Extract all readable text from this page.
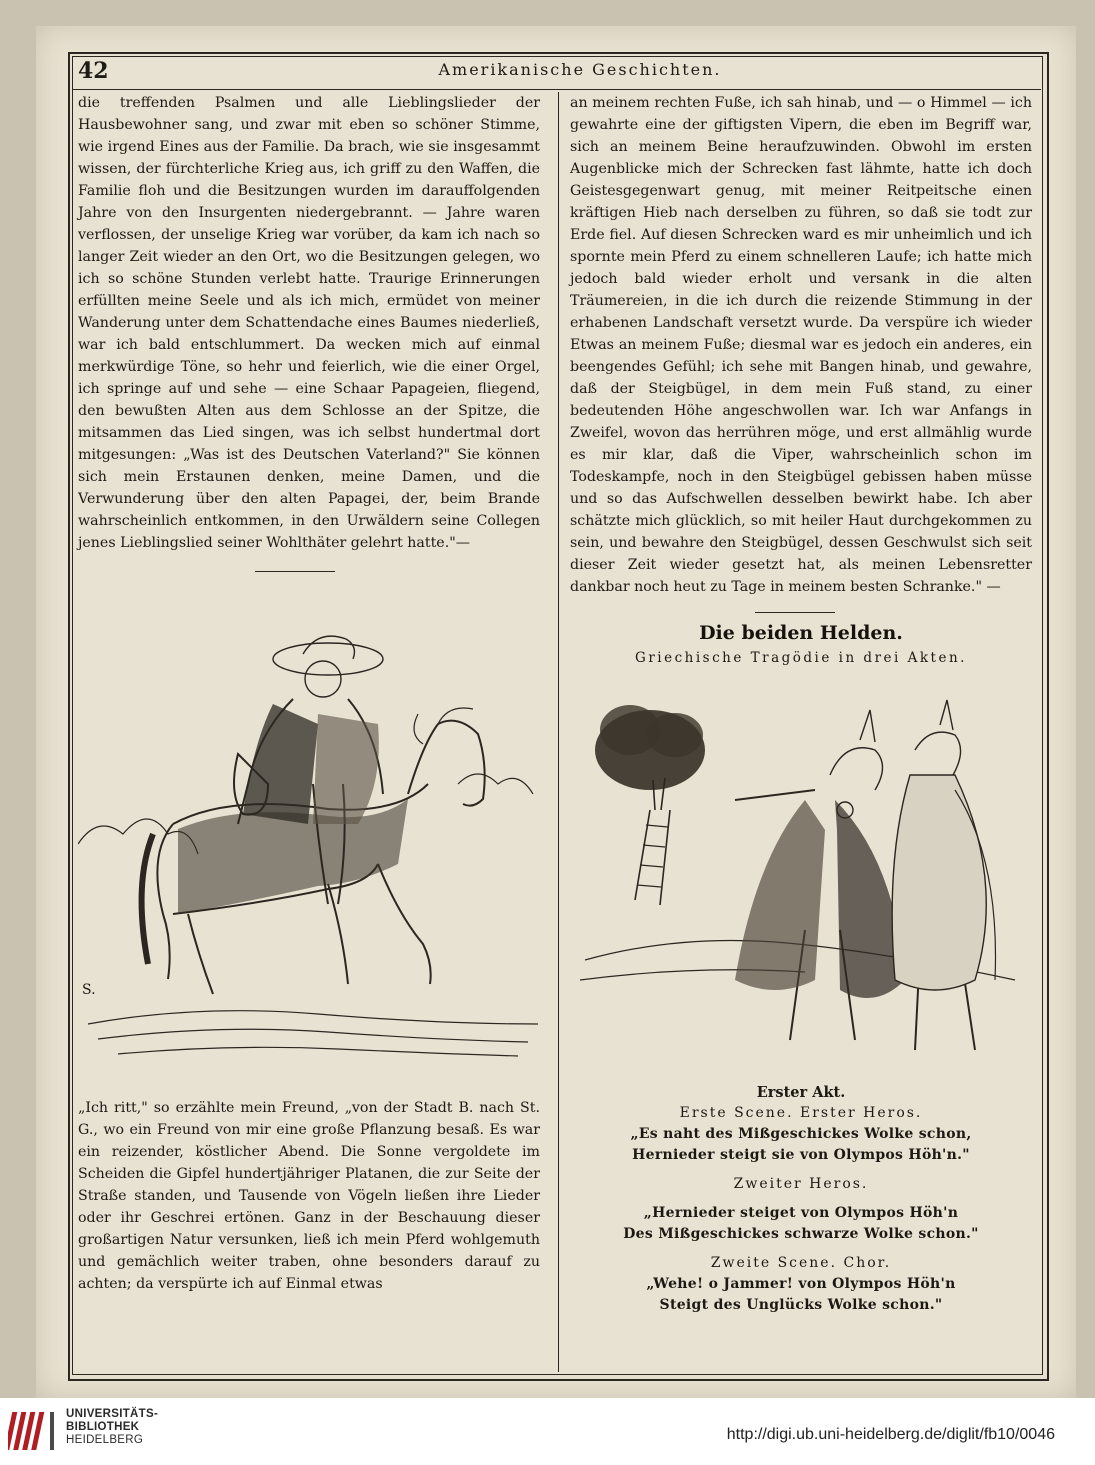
42	Amerikanische Geschichten.

die treffenden Psalmen und alle Lieblingslieder der Hausbewohner sang, und zwar mit eben so schöner Stimme, wie irgend Eines aus der Familie. Da brach, wie sie insgesammt wissen, der fürchterliche Krieg aus, ich griff zu den Waffen, die Familie floh und die Besitzungen wurden im darauffolgenden Jahre von den Insurgenten niedergebrannt. — Jahre waren verflossen, der unselige Krieg war vorüber, da kam ich nach so langer Zeit wieder an den Ort, wo die Besitzungen gelegen, wo ich so schöne Stunden verlebt hatte. Traurige Erinnerungen erfüllten meine Seele und als ich mich, ermüdet von meiner Wanderung unter dem Schattendache eines Baumes niederließ, war ich bald entschlummert. Da wecken mich auf einmal merkwürdige Töne, so hehr und feierlich, wie die einer Orgel, ich springe auf und sehe — eine Schaar Papageien, fliegend, den bewußten Alten aus dem Schlosse an der Spitze, die mitsammen das Lied singen, was ich selbst hundertmal dort mitgesungen: „Was ist des Deutschen Vaterland?" Sie können sich mein Erstaunen denken, meine Damen, und die Verwunderung über den alten Papagei, der, beim Brande wahrscheinlich entkommen, in den Urwäldern seine Collegen jenes Lieblingslied seiner Wohlthäter gelehrt hatte."—

S.

„Ich ritt," so erzählte mein Freund, „von der Stadt B. nach St. G., wo ein Freund von mir eine große Pflanzung besaß. Es war ein reizender, köstlicher Abend. Die Sonne vergoldete im Scheiden die Gipfel hundertjähriger Platanen, die zur Seite der Straße standen, und Tausende von Vögeln ließen ihre Lieder oder ihr Geschrei ertönen. Ganz in der Beschauung dieser großartigen Natur versunken, ließ ich mein Pferd wohlgemuth und gemächlich weiter traben, ohne besonders darauf zu achten; da verspürte ich auf Einmal etwas

an meinem rechten Fuße, ich sah hinab, und — o Himmel — ich gewahrte eine der giftigsten Vipern, die eben im Begriff war, sich an meinem Beine heraufzuwinden. Obwohl im ersten Augenblicke mich der Schrecken fast lähmte, hatte ich doch Geistesgegenwart genug, mit meiner Reitpeitsche einen kräftigen Hieb nach derselben zu führen, so daß sie todt zur Erde fiel. Auf diesen Schrecken ward es mir unheimlich und ich spornte mein Pferd zu einem schnelleren Laufe; ich hatte mich jedoch bald wieder erholt und versank in die alten Träumereien, in die ich durch die reizende Stimmung in der erhabenen Landschaft versetzt wurde. Da verspüre ich wieder Etwas an meinem Fuße; diesmal war es jedoch ein anderes, ein beengendes Gefühl; ich sehe mit Bangen hinab, und gewahre, daß der Steigbügel, in dem mein Fuß stand, zu einer bedeutenden Höhe angeschwollen war. Ich war Anfangs in Zweifel, wovon das herrühren möge, und erst allmählig wurde es mir klar, daß die Viper, wahrscheinlich schon im Todeskampfe, noch in den Steigbügel gebissen haben müsse und so das Aufschwellen desselben bewirkt habe. Ich aber schätzte mich glücklich, so mit heiler Haut durchgekommen zu sein, und bewahre den Steigbügel, dessen Geschwulst sich seit dieser Zeit wieder gesetzt hat, als meinen Lebensretter dankbar noch heut zu Tage in meinem besten Schranke." —

Die beiden Helden.
Griechische Tragödie in drei Akten.
Erster Akt.
Erste Scene. Erster Heros.
„Es naht des Mißgeschickes Wolke schon,
Hernieder steigt sie von Olympos Höh'n."
Zweiter Heros.
„Hernieder steiget von Olympos Höh'n
Des Mißgeschickes schwarze Wolke schon."
Zweite Scene. Chor.
„Wehe! o Jammer! von Olympos Höh'n
Steigt des Unglücks Wolke schon."
UNIVERSITÄTS-
BIBLIOTHEK
HEIDELBERG	http://digi.ub.uni-heidelberg.de/diglit/fb10/0046
